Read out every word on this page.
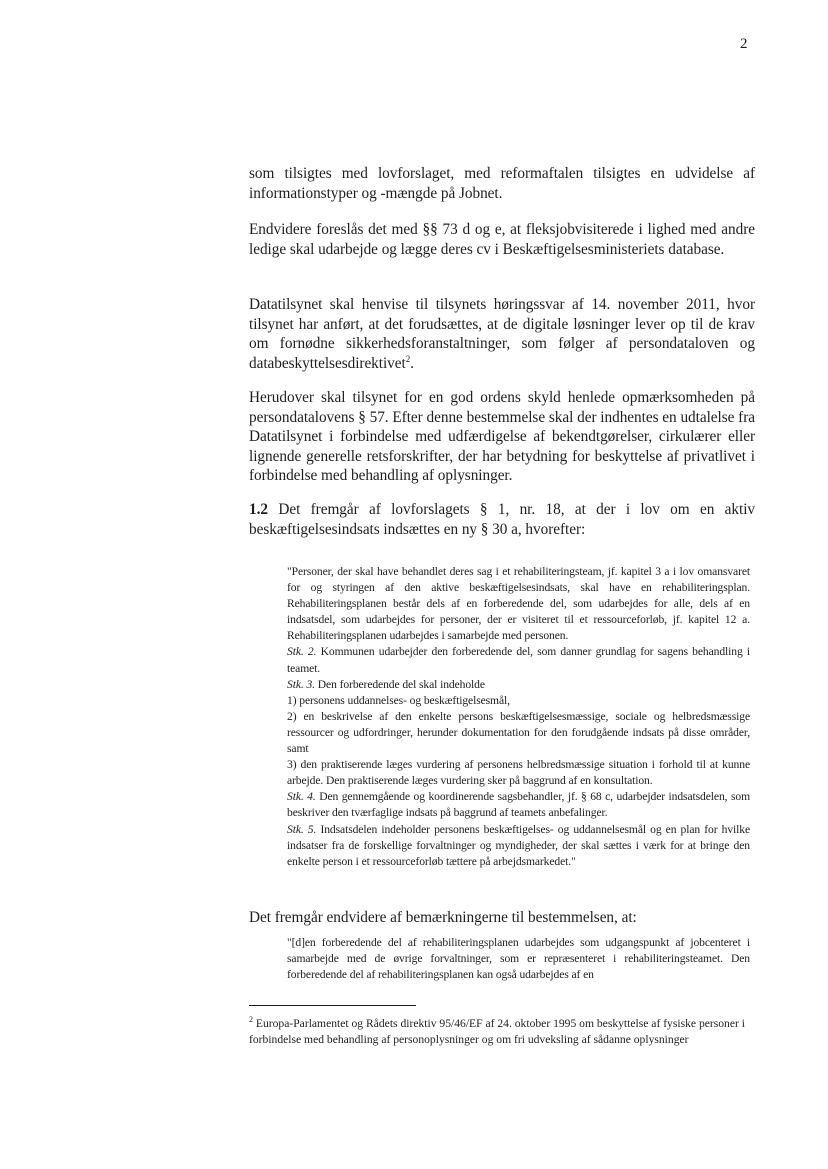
2

som tilsigtes med lovforslaget, med reformaftalen tilsigtes en udvidelse af informationstyper og -mængde på Jobnet.

Endvidere foreslås det med §§ 73 d og e, at fleksjobvisiterede i lighed med andre ledige skal udarbejde og lægge deres cv i Beskæftigelsesministeriets database.

Datatilsynet skal henvise til tilsynets høringssvar af 14. november 2011, hvor tilsynet har anført, at det forudsættes, at de digitale løsninger lever op til de krav om fornødne sikkerhedsforanstaltninger, som følger af persondataloven og databeskyttelsesdirektivet$^2$.

Herudover skal tilsynet for en god ordens skyld henlede opmærksomheden på persondatalovens § 57. Efter denne bestemmelse skal der indhentes en udtalelse fra Datatilsynet i forbindelse med udfærdigelse af bekendtgørelser, cirkulærer eller lignende generelle retsforskrifter, der har betydning for beskyttelse af privatlivet i forbindelse med behandling af oplysninger.

1.2 Det fremgår af lovforslagets § 1, nr. 18, at der i lov om en aktiv beskæftigelsesindsats indsættes en ny § 30 a, hvorefter:

"Personer, der skal have behandlet deres sag i et rehabiliteringsteam, jf. kapitel 3 a i lov omansvaret for og styringen af den aktive beskæftigelsesindsats, skal have en rehabiliteringsplan. Rehabiliteringsplanen består dels af en forberedende del, som udarbejdes for alle, dels af en indsatsdel, som udarbejdes for personer, der er visiteret til et ressourceforløb, jf. kapitel 12 a. Rehabiliteringsplanen udarbejdes i samarbejde med personen.

Stk. 2. Kommunen udarbejder den forberedende del, som danner grundlag for sagens behandling i teamet.

Stk. 3. Den forberedende del skal indeholde

1) personens uddannelses- og beskæftigelsesmål,

2) en beskrivelse af den enkelte persons beskæftigelsesmæssige, sociale og helbredsmæssige ressourcer og udfordringer, herunder dokumentation for den forudgående indsats på disse områder, samt

3) den praktiserende læges vurdering af personens helbredsmæssige situation i forhold til at kunne arbejde. Den praktiserende læges vurdering sker på baggrund af en konsultation.

Stk. 4. Den gennemgående og koordinerende sagsbehandler, jf. § 68 c, udarbejder indsatsdelen, som beskriver den tværfaglige indsats på baggrund af teamets anbefalinger.

Stk. 5. Indsatsdelen indeholder personens beskæftigelses- og uddannelsesmål og en plan for hvilke indsatser fra de forskellige forvaltninger og myndigheder, der skal sættes i værk for at bringe den enkelte person i et ressourceforløb tættere på arbejdsmarkedet."

Det fremgår endvidere af bemærkningerne til bestemmelsen, at:

"[d]en forberedende del af rehabiliteringsplanen udarbejdes som udgangspunkt af jobcenteret i samarbejde med de øvrige forvaltninger, som er repræsenteret i rehabiliteringsteamet. Den forberedende del af rehabiliteringsplanen kan også udarbejdes af en

$^2$ Europa-Parlamentet og Rådets direktiv 95/46/EF af 24. oktober 1995 om beskyttelse af fysiske personer i forbindelse med behandling af personoplysninger og om fri udveksling af sådanne oplysninger
